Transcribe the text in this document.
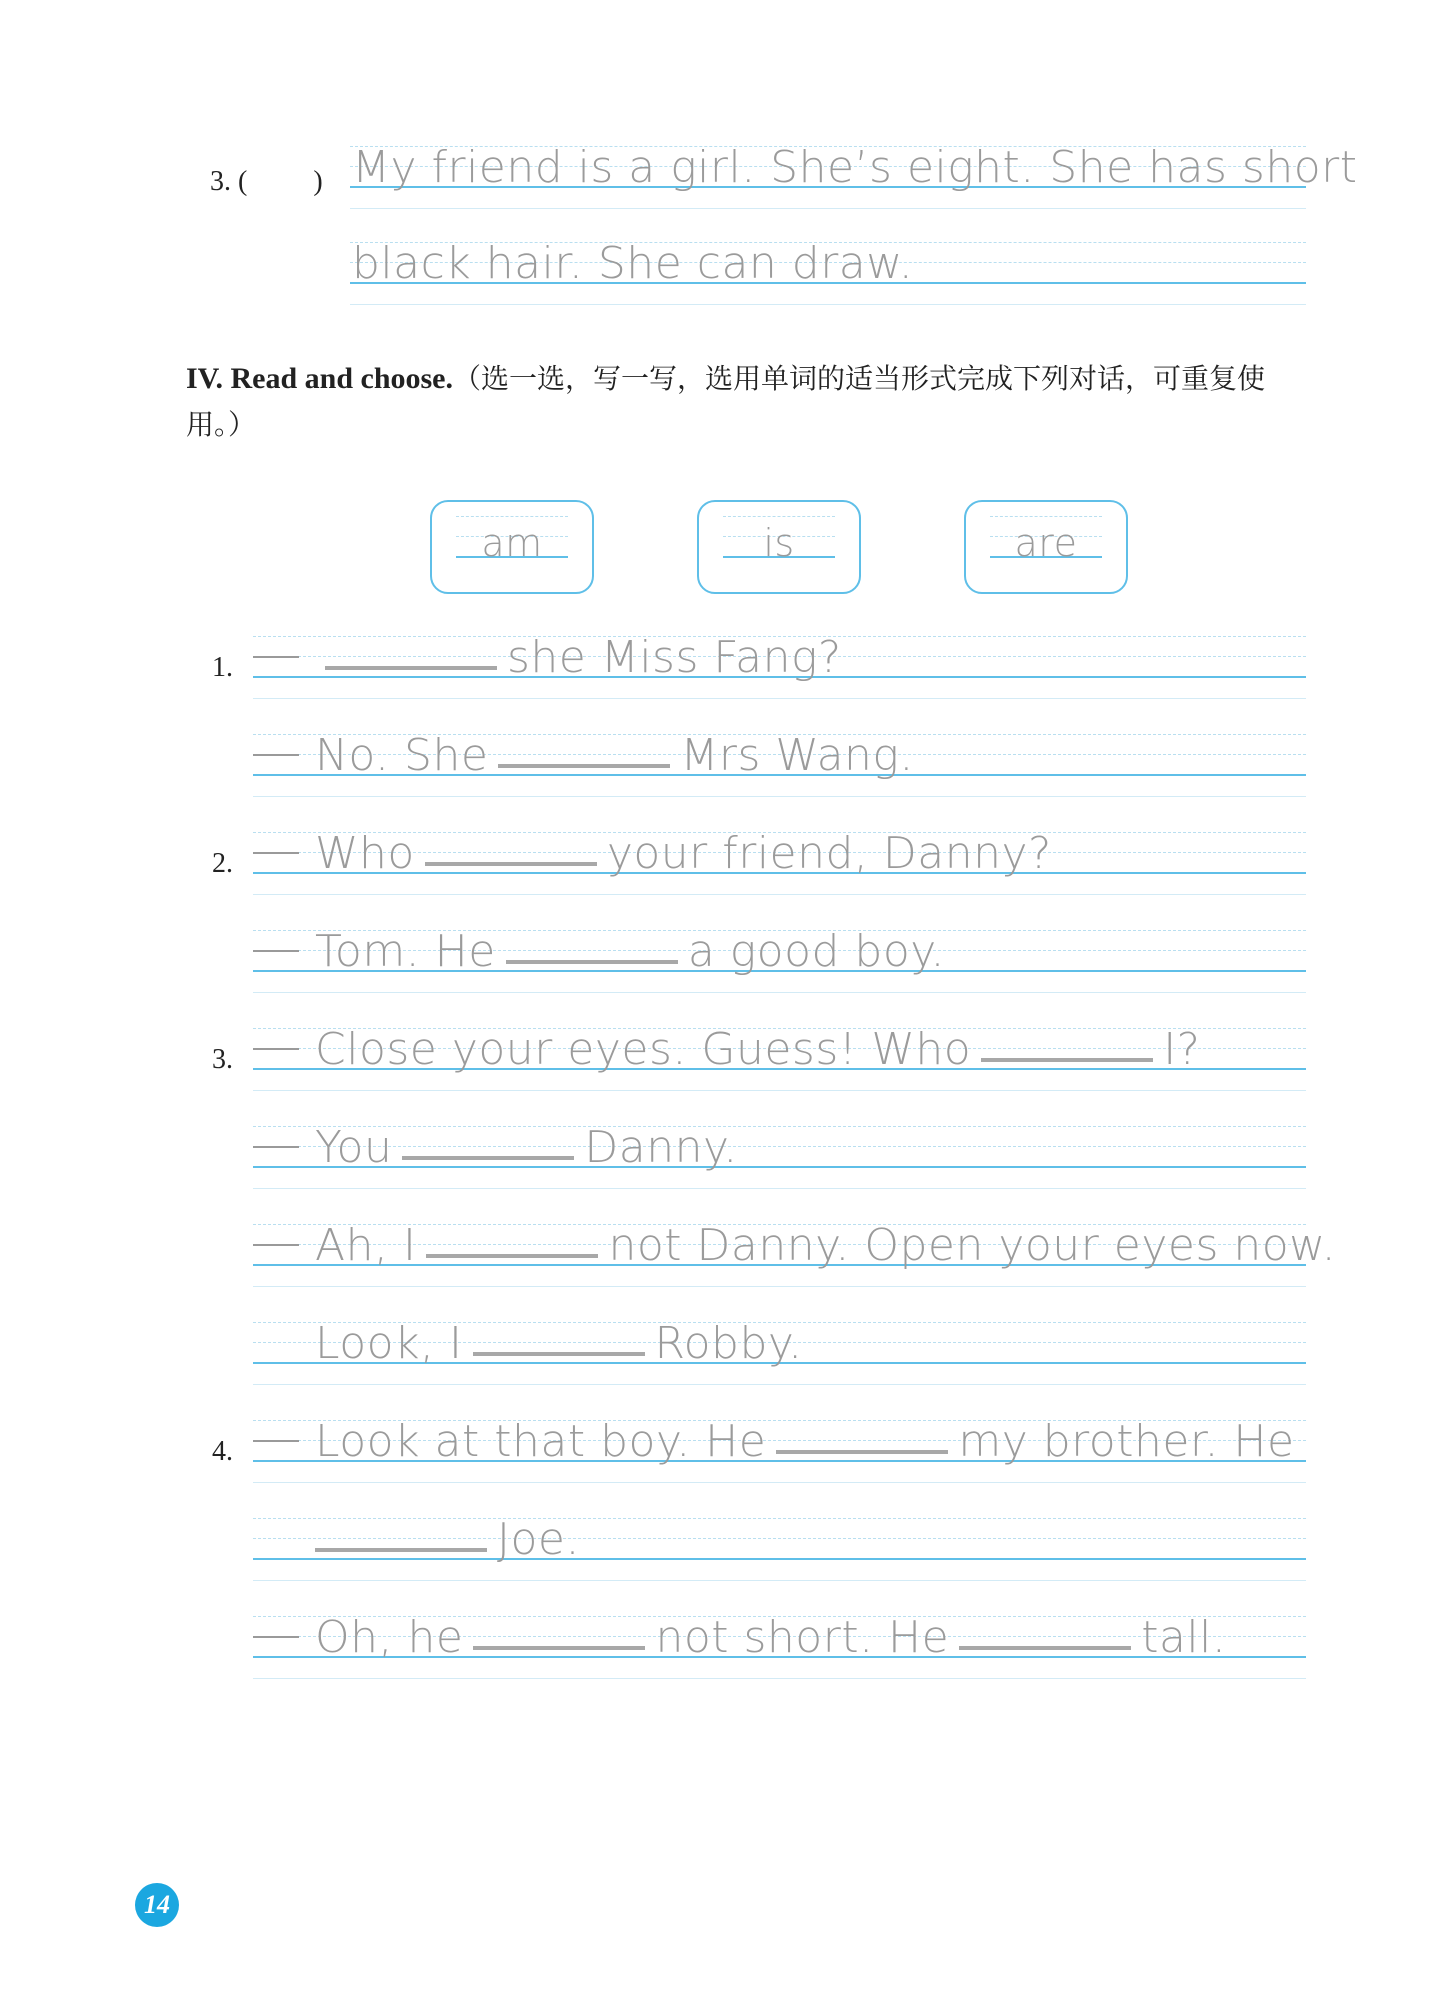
3. ( ) My friend is a girl. She’s eight. She has short
black hair. She can draw.
IV. Read and choose.（选一选，写一写，选用单词的适当形式完成下列对话，可重复使用。）
am	is	are
1.	she Miss Fang?
No. She	Mrs Wang.
2.	Who	your friend, Danny?
Tom. He	a good boy.
3.	Close your eyes. Guess! Who	I?
You	Danny.
Ah, I	not Danny. Open your eyes now.
Look, I	Robby.
4.	Look at that boy. He	my brother. He
Joe.
Oh, he	not short. He	tall.
14
